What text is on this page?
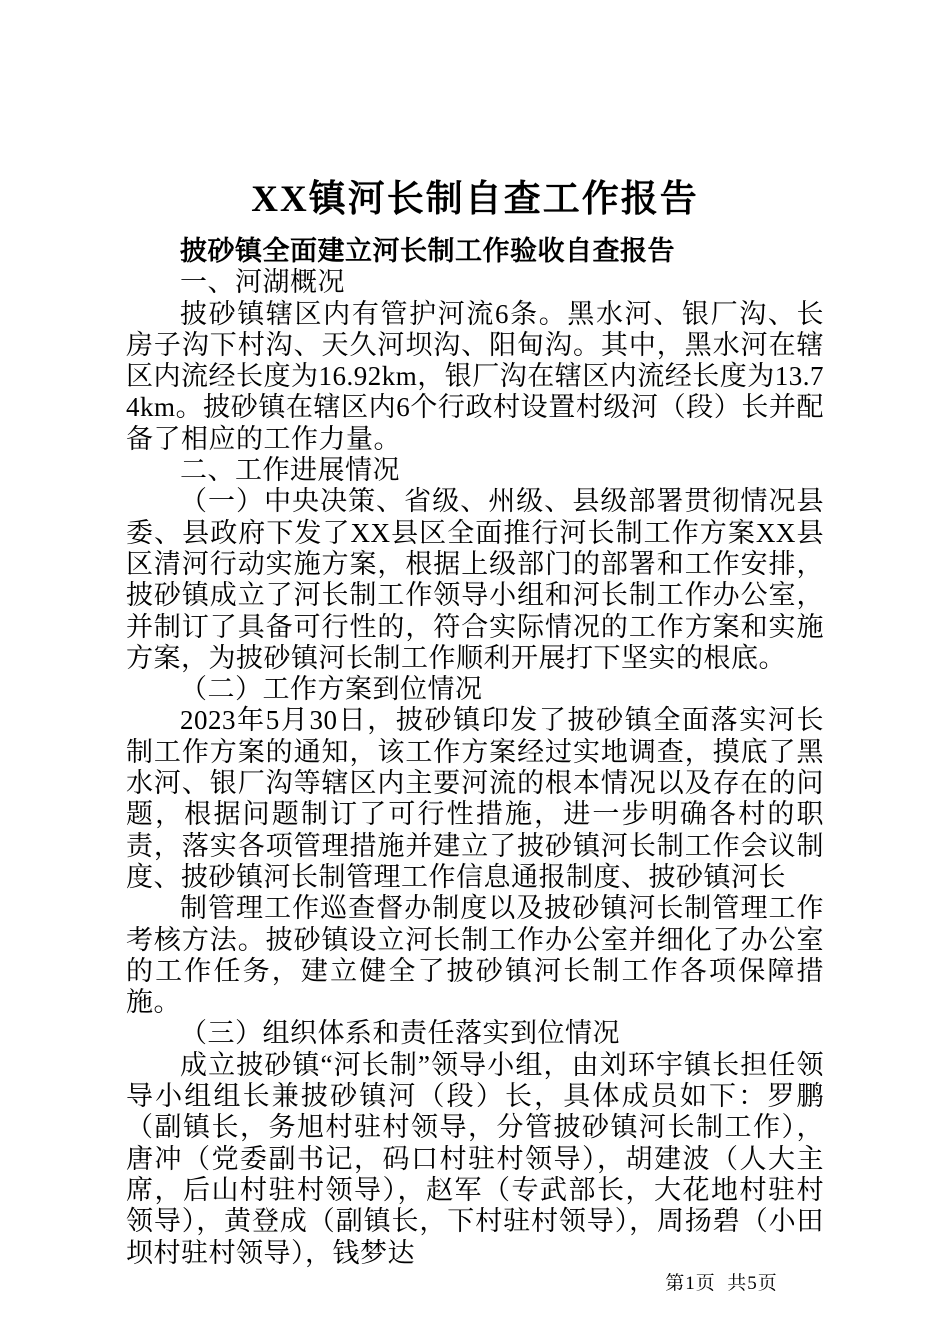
XX镇河长制自查工作报告

披砂镇全面建立河长制工作验收自查报告

一、河湖概况

披砂镇辖区内有管护河流6条。黑水河、银厂沟、长房子沟下村沟、天久河坝沟、阳甸沟。其中，黑水河在辖区内流经长度为16.92km，银厂沟在辖区内流经长度为13.74km。披砂镇在辖区内6个行政村设置村级河（段）长并配备了相应的工作力量。

二、工作进展情况

（一）中央决策、省级、州级、县级部署贯彻情况县委、县政府下发了XX县区全面推行河长制工作方案XX县区清河行动实施方案，根据上级部门的部署和工作安排，披砂镇成立了河长制工作领导小组和河长制工作办公室，并制订了具备可行性的，符合实际情况的工作方案和实施方案，为披砂镇河长制工作顺利开展打下坚实的根底。

（二）工作方案到位情况

2023年5月30日，披砂镇印发了披砂镇全面落实河长制工作方案的通知，该工作方案经过实地调查，摸底了黑水河、银厂沟等辖区内主要河流的根本情况以及存在的问题，根据问题制订了可行性措施，进一步明确各村的职责，落实各项管理措施并建立了披砂镇河长制工作会议制度、披砂镇河长制管理工作信息通报制度、披砂镇河长

制管理工作巡查督办制度以及披砂镇河长制管理工作考核方法。披砂镇设立河长制工作办公室并细化了办公室的工作任务，建立健全了披砂镇河长制工作各项保障措施。

（三）组织体系和责任落实到位情况

成立披砂镇“河长制”领导小组，由刘环宇镇长担任领导小组组长兼披砂镇河（段）长，具体成员如下：罗鹏（副镇长，务旭村驻村领导，分管披砂镇河长制工作），唐冲（党委副书记，码口村驻村领导），胡建波（人大主席，后山村驻村领导），赵军（专武部长，大花地村驻村领导），黄登成（副镇长，下村驻村领导），周扬碧（小田坝村驻村领导），钱梦达

第1页  共5页
